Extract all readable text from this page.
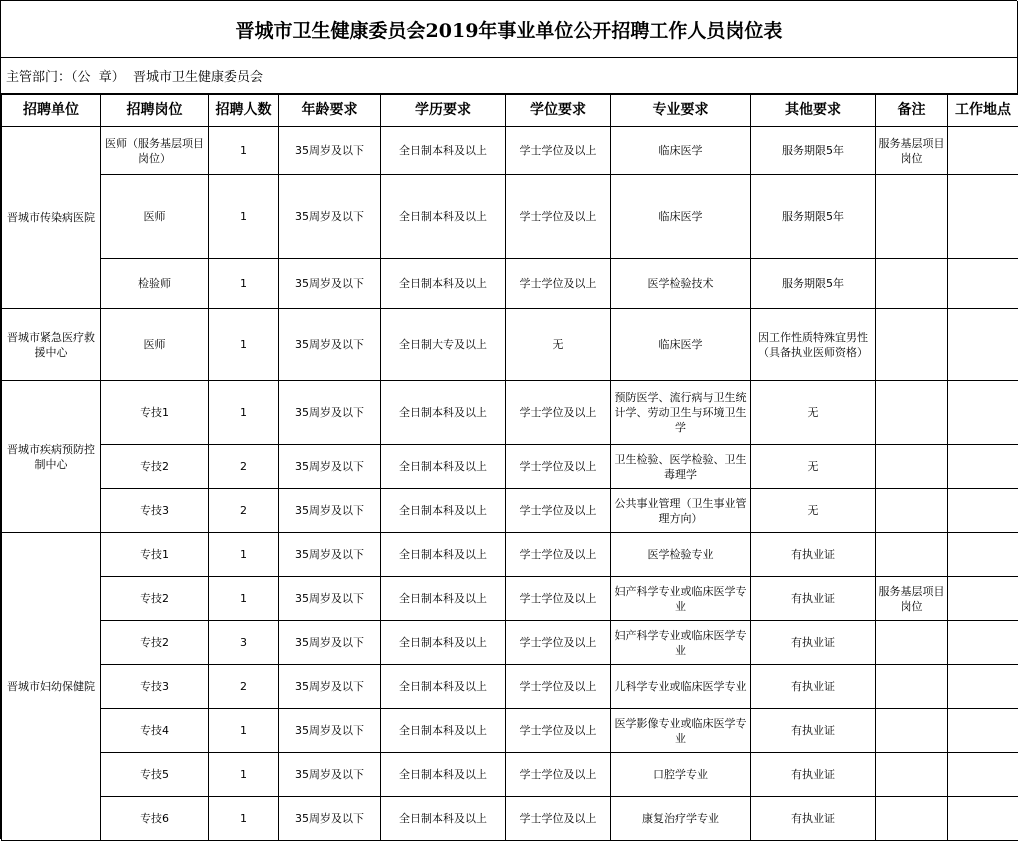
晋城市卫生健康委员会2019年事业单位公开招聘工作人员岗位表
主管部门：（公  章）  晋城市卫生健康委员会
招聘单位	招聘岗位	招聘人数	年龄要求	学历要求	学位要求	专业要求	其他要求	备注	工作地点
晋城市传染病医院	医师（服务基层项目岗位）	1	35周岁及以下	全日制本科及以上	学士学位及以上	临床医学	服务期限5年	服务基层项目岗位	
	医师	1	35周岁及以下	全日制本科及以上	学士学位及以上	临床医学	服务期限5年		
	检验师	1	35周岁及以下	全日制本科及以上	学士学位及以上	医学检验技术	服务期限5年		
晋城市紧急医疗救援中心	医师	1	35周岁及以下	全日制大专及以上	无	临床医学	因工作性质特殊宜男性（具备执业医师资格）		
晋城市疾病预防控制中心	专技1	1	35周岁及以下	全日制本科及以上	学士学位及以上	预防医学、流行病与卫生统计学、劳动卫生与环境卫生学	无		
	专技2	2	35周岁及以下	全日制本科及以上	学士学位及以上	卫生检验、医学检验、卫生毒理学	无		
	专技3	2	35周岁及以下	全日制本科及以上	学士学位及以上	公共事业管理（卫生事业管理方向）	无		
晋城市妇幼保健院	专技1	1	35周岁及以下	全日制本科及以上	学士学位及以上	医学检验专业	有执业证		
	专技2	1	35周岁及以下	全日制本科及以上	学士学位及以上	妇产科学专业或临床医学专业	有执业证	服务基层项目岗位	
	专技2	3	35周岁及以下	全日制本科及以上	学士学位及以上	妇产科学专业或临床医学专业	有执业证		
	专技3	2	35周岁及以下	全日制本科及以上	学士学位及以上	儿科学专业或临床医学专业	有执业证		
	专技4	1	35周岁及以下	全日制本科及以上	学士学位及以上	医学影像专业或临床医学专业	有执业证		
	专技5	1	35周岁及以下	全日制本科及以上	学士学位及以上	口腔学专业	有执业证		
	专技6	1	35周岁及以下	全日制本科及以上	学士学位及以上	康复治疗学专业	有执业证		
